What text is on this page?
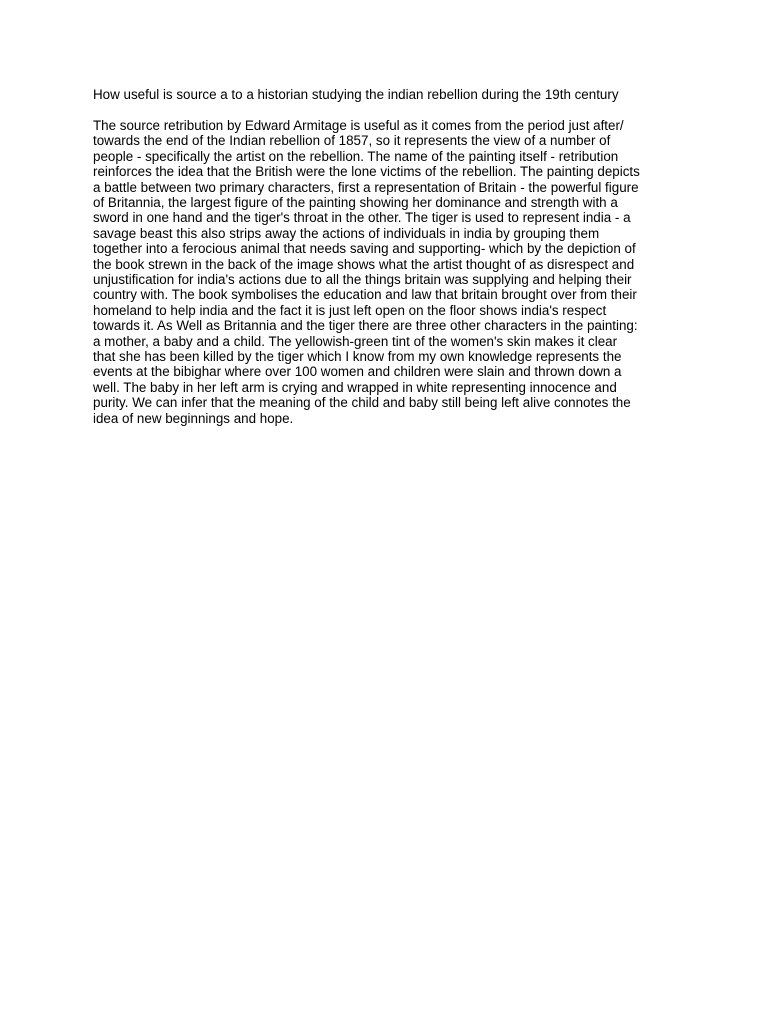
How useful is source a to a historian studying the indian rebellion during the 19th century

The source retribution by Edward Armitage is useful as it comes from the period just after/
towards the end of the Indian rebellion of 1857, so it represents the view of a number of
people - specifically the artist on the rebellion. The name of the painting itself - retribution
reinforces the idea that the British were the lone victims of the rebellion. The painting depicts
a battle between two primary characters, first a representation of Britain - the powerful figure
of Britannia, the largest figure of the painting showing her dominance and strength with a
sword in one hand and the tiger's throat in the other. The tiger is used to represent india - a
savage beast this also strips away the actions of individuals in india by grouping them
together into a ferocious animal that needs saving and supporting- which by the depiction of
the book strewn in the back of the image shows what the artist thought of as disrespect and
unjustification for india's actions due to all the things britain was supplying and helping their
country with. The book symbolises the education and law that britain brought over from their
homeland to help india and the fact it is just left open on the floor shows india's respect
towards it. As Well as Britannia and the tiger there are three other characters in the painting:
a mother, a baby and a child. The yellowish-green tint of the women's skin makes it clear
that she has been killed by the tiger which I know from my own knowledge represents the
events at the bibighar where over 100 women and children were slain and thrown down a
well. The baby in her left arm is crying and wrapped in white representing innocence and
purity. We can infer that the meaning of the child and baby still being left alive connotes the
idea of new beginnings and hope.
